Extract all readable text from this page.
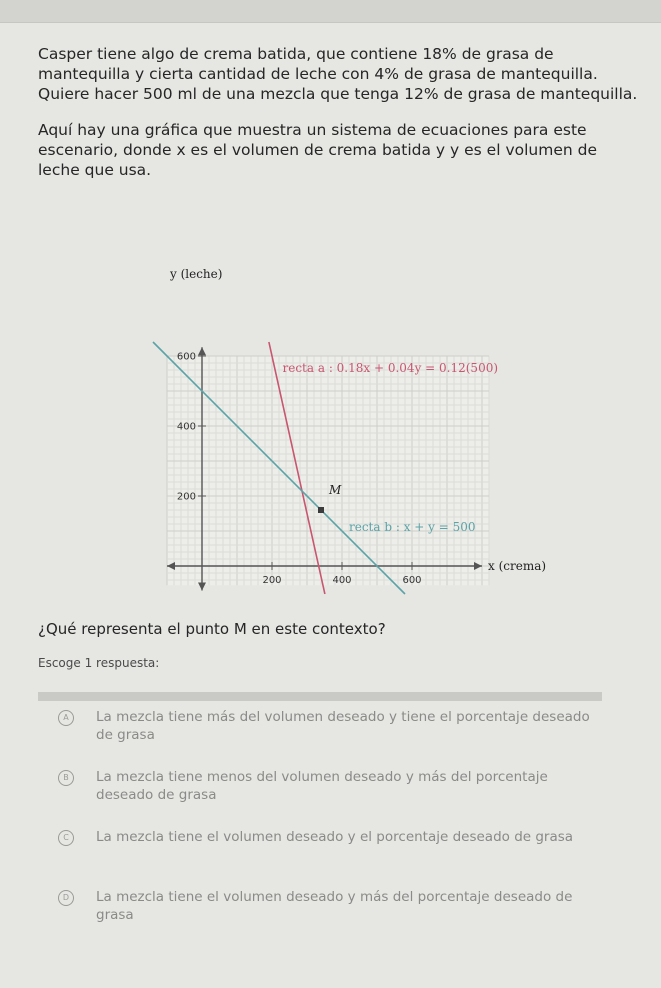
Casper tiene algo de crema batida, que contiene 18% de grasa de mantequilla y cierta cantidad de leche con 4% de grasa de mantequilla. Quiere hacer 500 ml de una mezcla que tenga 12% de grasa de mantequilla.

Aquí hay una gráfica que muestra un sistema de ecuaciones para este escenario, donde x es el volumen de crema batida y y es el volumen de leche que usa.

200	400	600
200
400
600
y (leche)
x (crema)
recta a : 0.18x + 0.04y = 0.12(500)
recta b : x + y = 500
M
¿Qué representa el punto M en este contexto?
Escoge 1 respuesta:
A	La mezcla tiene más del volumen deseado y tiene el porcentaje deseado de grasa
B	La mezcla tiene menos del volumen deseado y más del porcentaje deseado de grasa
C	La mezcla tiene el volumen deseado y el porcentaje deseado de grasa
D	La mezcla tiene el volumen deseado y más del porcentaje deseado de grasa
